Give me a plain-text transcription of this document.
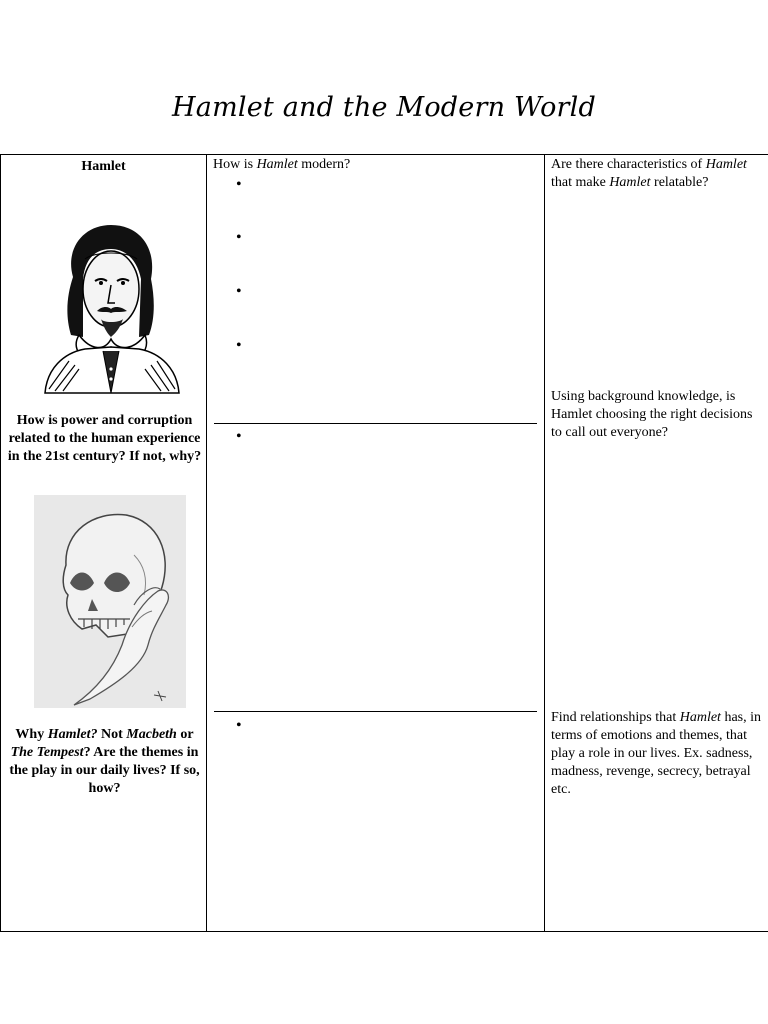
Hamlet and the Modern World
Hamlet
How is power and corruption related to the human experience in the 21st century? If not, why?
Why Hamlet? Not Macbeth or The Tempest? Are the themes in the play in our daily lives? If so, how?
How is Hamlet modern?
•
•
•
•
•
•
Are there characteristics of Hamlet that make Hamlet relatable?
Using background knowledge, is Hamlet choosing the right decisions to call out everyone?
Find relationships that Hamlet has, in terms of emotions and themes, that play a role in our lives. Ex. sadness, madness, revenge, secrecy, betrayal etc.
